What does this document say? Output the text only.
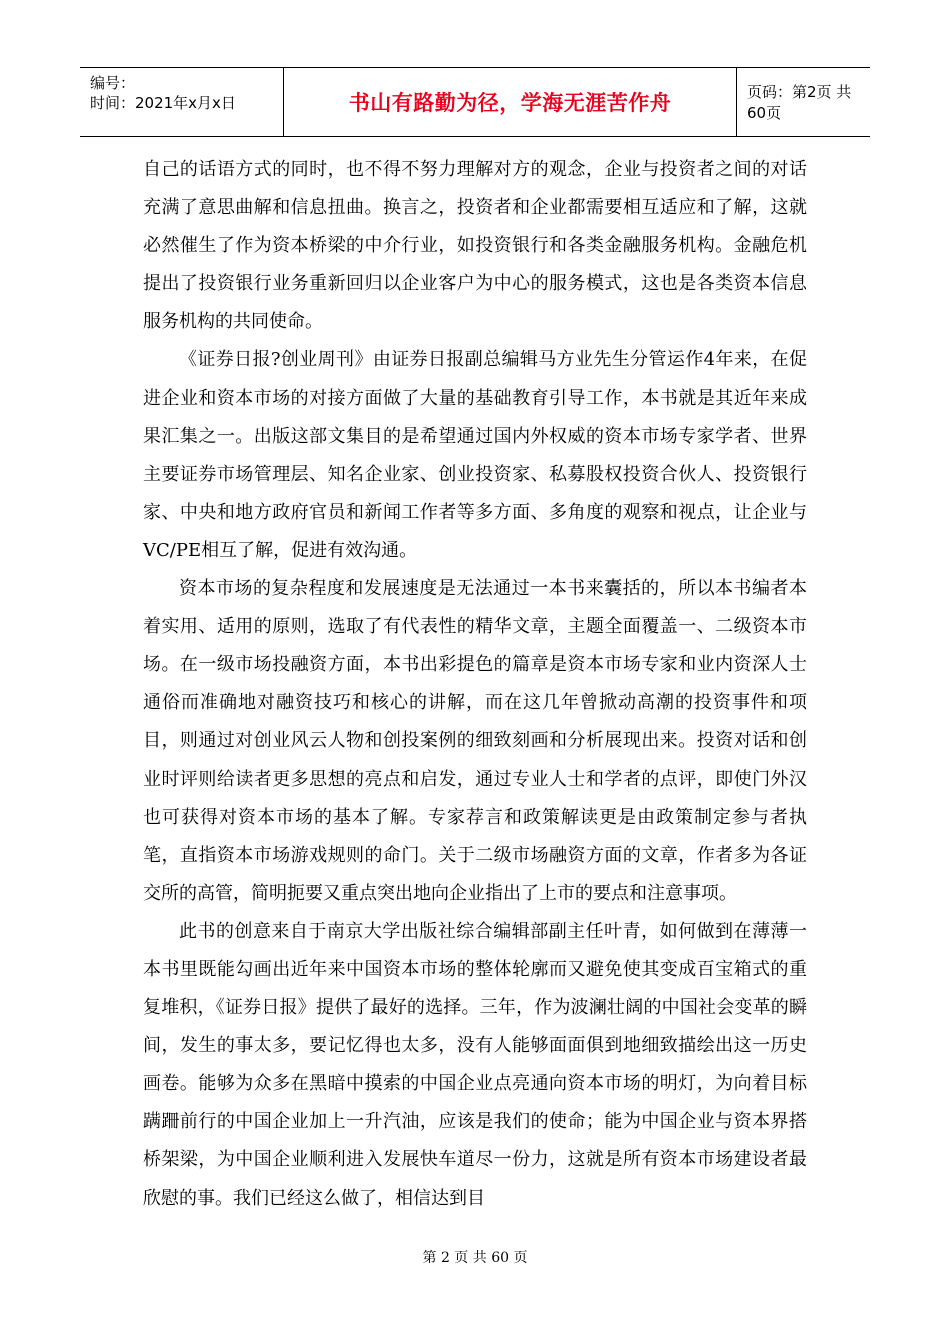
编号：
时间：2021年x月x日	书山有路勤为径，学海无涯苦作舟	页码：第2页 共60页

自己的话语方式的同时，也不得不努力理解对方的观念，企业与投资者之间的对话充满了意思曲解和信息扭曲。换言之，投资者和企业都需要相互适应和了解，这就必然催生了作为资本桥梁的中介行业，如投资银行和各类金融服务机构。金融危机提出了投资银行业务重新回归以企业客户为中心的服务模式，这也是各类资本信息服务机构的共同使命。

《证券日报?创业周刊》由证券日报副总编辑马方业先生分管运作4年来，在促进企业和资本市场的对接方面做了大量的基础教育引导工作，本书就是其近年来成果汇集之一。出版这部文集目的是希望通过国内外权威的资本市场专家学者、世界主要证券市场管理层、知名企业家、创业投资家、私募股权投资合伙人、投资银行家、中央和地方政府官员和新闻工作者等多方面、多角度的观察和视点，让企业与VC/PE相互了解，促进有效沟通。

资本市场的复杂程度和发展速度是无法通过一本书来囊括的，所以本书编者本着实用、适用的原则，选取了有代表性的精华文章，主题全面覆盖一、二级资本市场。在一级市场投融资方面，本书出彩提色的篇章是资本市场专家和业内资深人士通俗而准确地对融资技巧和核心的讲解，而在这几年曾掀动高潮的投资事件和项目，则通过对创业风云人物和创投案例的细致刻画和分析展现出来。投资对话和创业时评则给读者更多思想的亮点和启发，通过专业人士和学者的点评，即使门外汉也可获得对资本市场的基本了解。专家荐言和政策解读更是由政策制定参与者执笔，直指资本市场游戏规则的命门。关于二级市场融资方面的文章，作者多为各证交所的高管，简明扼要又重点突出地向企业指出了上市的要点和注意事项。

此书的创意来自于南京大学出版社综合编辑部副主任叶青，如何做到在薄薄一本书里既能勾画出近年来中国资本市场的整体轮廓而又避免使其变成百宝箱式的重复堆积，《证券日报》提供了最好的选择。三年，作为波澜壮阔的中国社会变革的瞬间，发生的事太多，要记忆得也太多，没有人能够面面俱到地细致描绘出这一历史画卷。能够为众多在黑暗中摸索的中国企业点亮通向资本市场的明灯，为向着目标蹒跚前行的中国企业加上一升汽油，应该是我们的使命；能为中国企业与资本界搭桥架梁，为中国企业顺利进入发展快车道尽一份力，这就是所有资本市场建设者最欣慰的事。我们已经这么做了，相信达到目

第 2 页 共 60 页
